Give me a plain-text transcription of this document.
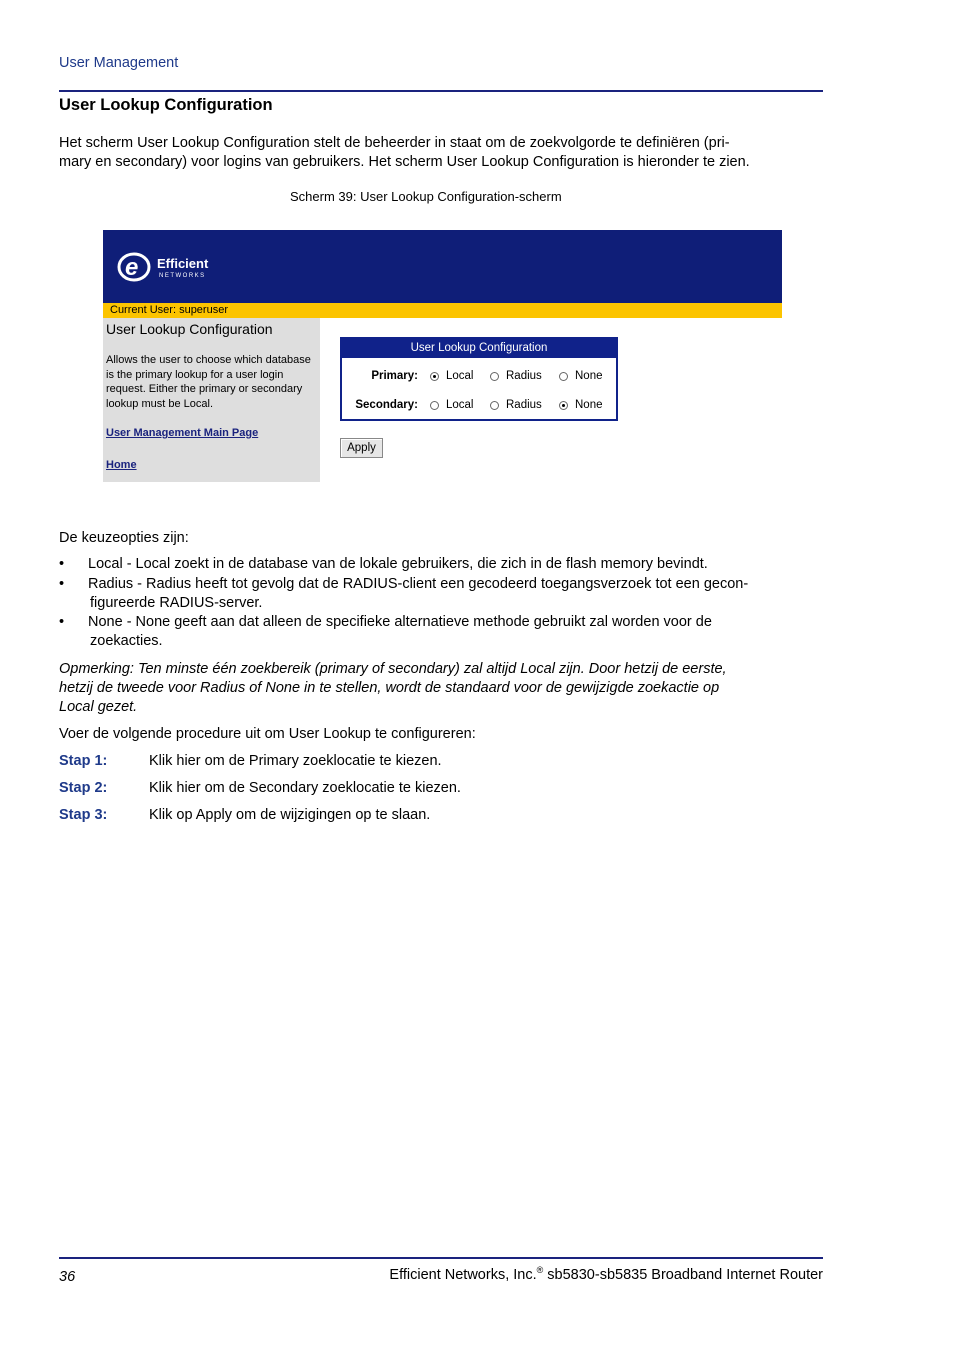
User Management
User Lookup Configuration
Het scherm User Lookup Configuration stelt de beheerder in staat om de zoekvolgorde te definiëren (pri-
mary en secondary) voor logins van gebruikers. Het scherm User Lookup Configuration is hieronder te zien.
Scherm 39: User Lookup Configuration-scherm
e Efficient
NETWORKS
Current User: superuser
User Lookup Configuration
Allows the user to choose which database is the primary lookup for a user login request. Either the primary or secondary lookup must be Local.
User Management Main Page
Home
User Lookup Configuration
Primary: Local	Radius	None
Secondary: Local	Radius	None
Apply
De keuzeopties zijn:
• Local - Local zoekt in de database van de lokale gebruikers, die zich in de flash memory bevindt.
• Radius - Radius heeft tot gevolg dat de RADIUS-client een gecodeerd toegangsverzoek tot een gecon-
figureerde RADIUS-server.
• None - None geeft aan dat alleen de specifieke alternatieve methode gebruikt zal worden voor de
zoekacties.
Opmerking: Ten minste één zoekbereik (primary of secondary) zal altijd Local zijn. Door hetzij de eerste,
hetzij de tweede voor Radius of None in te stellen, wordt de standaard voor de gewijzigde zoekactie op
Local gezet.
Voer de volgende procedure uit om User Lookup te configureren:
Stap 1:	Klik hier om de Primary zoeklocatie te kiezen.
Stap 2:	Klik hier om de Secondary zoeklocatie te kiezen.
Stap 3:	Klik op Apply om de wijzigingen op te slaan.
36	Efficient Networks, Inc.® sb5830-sb5835 Broadband Internet Router
